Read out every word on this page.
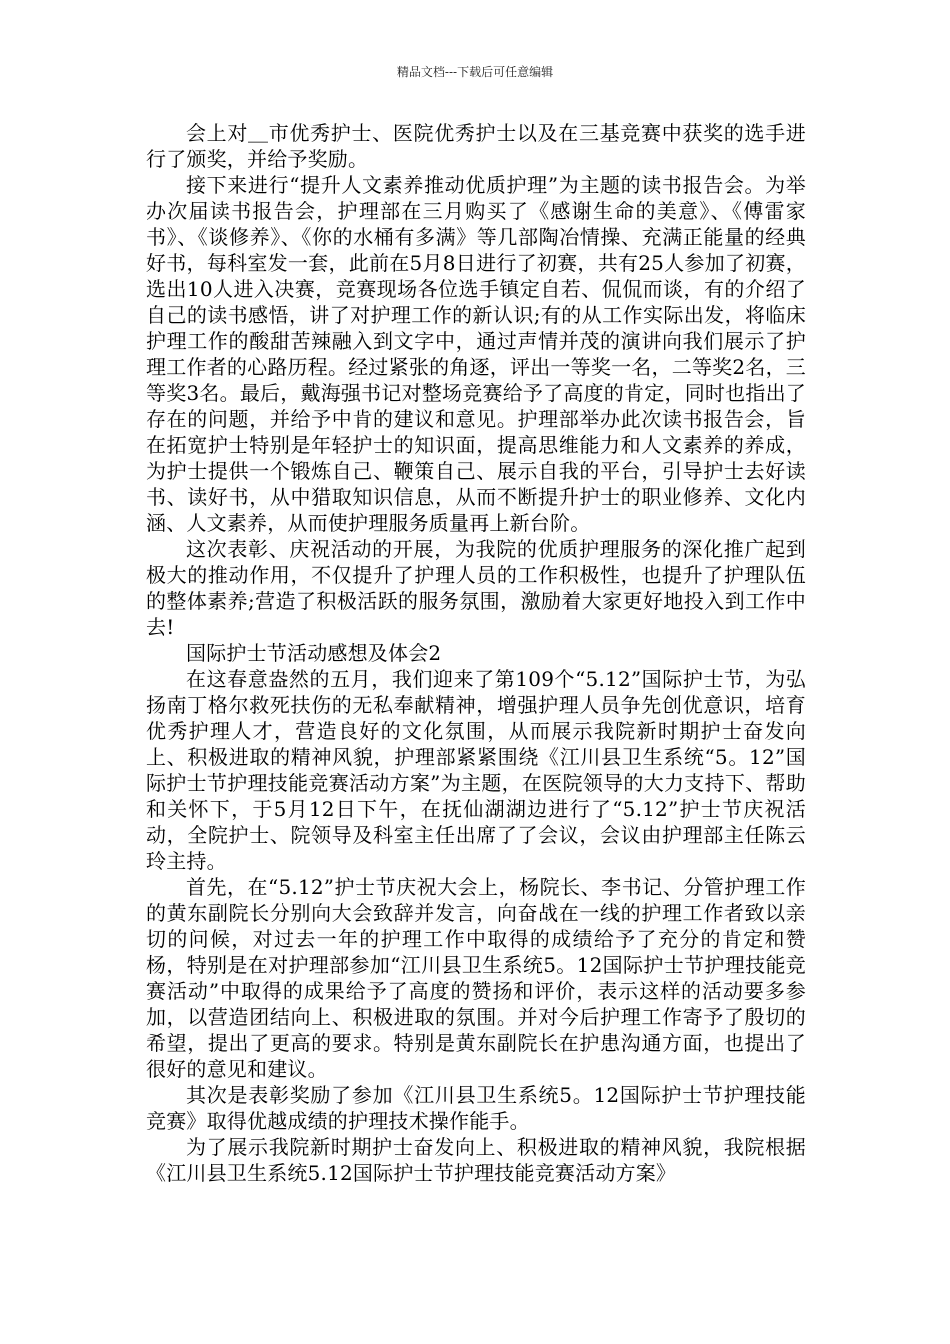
精品文档---下载后可任意编辑

会上对＿市优秀护士、医院优秀护士以及在三基竞赛中获奖的选手进行了颁奖，并给予奖励。

接下来进行“提升人文素养推动优质护理”为主题的读书报告会。为举办次届读书报告会，护理部在三月购买了《感谢生命的美意》、《傅雷家书》、《谈修养》、《你的水桶有多满》等几部陶冶情操、充满正能量的经典好书，每科室发一套，此前在5月8日进行了初赛，共有25人参加了初赛，选出10人进入决赛，竞赛现场各位选手镇定自若、侃侃而谈，有的介绍了自己的读书感悟，讲了对护理工作的新认识;有的从工作实际出发，将临床护理工作的酸甜苦辣融入到文字中，通过声情并茂的演讲向我们展示了护理工作者的心路历程。经过紧张的角逐，评出一等奖一名，二等奖2名，三等奖3名。最后，戴海强书记对整场竞赛给予了高度的肯定，同时也指出了存在的问题，并给予中肯的建议和意见。护理部举办此次读书报告会，旨在拓宽护士特别是年轻护士的知识面，提高思维能力和人文素养的养成，为护士提供一个锻炼自己、鞭策自己、展示自我的平台，引导护士去好读书、读好书，从中猎取知识信息，从而不断提升护士的职业修养、文化内涵、人文素养，从而使护理服务质量再上新台阶。

这次表彰、庆祝活动的开展，为我院的优质护理服务的深化推广起到极大的推动作用，不仅提升了护理人员的工作积极性，也提升了护理队伍的整体素养;营造了积极活跃的服务氛围，激励着大家更好地投入到工作中去!

国际护士节活动感想及体会2

在这春意盎然的五月，我们迎来了第109个“5.12”国际护士节，为弘扬南丁格尔救死扶伤的无私奉献精神，增强护理人员争先创优意识，培育优秀护理人才，营造良好的文化氛围，从而展示我院新时期护士奋发向上、积极进取的精神风貌，护理部紧紧围绕《江川县卫生系统“5。12”国际护士节护理技能竞赛活动方案”为主题，在医院领导的大力支持下、帮助和关怀下，于5月12日下午，在抚仙湖湖边进行了“5.12”护士节庆祝活动，全院护士、院领导及科室主任出席了了会议，会议由护理部主任陈云玲主持。

首先，在“5.12”护士节庆祝大会上，杨院长、李书记、分管护理工作的黄东副院长分别向大会致辞并发言，向奋战在一线的护理工作者致以亲切的问候，对过去一年的护理工作中取得的成绩给予了充分的肯定和赞杨，特别是在对护理部参加“江川县卫生系统5。12国际护士节护理技能竞赛活动”中取得的成果给予了高度的赞扬和评价，表示这样的活动要多参加，以营造团结向上、积极进取的氛围。并对今后护理工作寄予了殷切的希望，提出了更高的要求。特别是黄东副院长在护患沟通方面，也提出了很好的意见和建议。

其次是表彰奖励了参加《江川县卫生系统5。12国际护士节护理技能竞赛》取得优越成绩的护理技术操作能手。

为了展示我院新时期护士奋发向上、积极进取的精神风貌，我院根据《江川县卫生系统5.12国际护士节护理技能竞赛活动方案》
